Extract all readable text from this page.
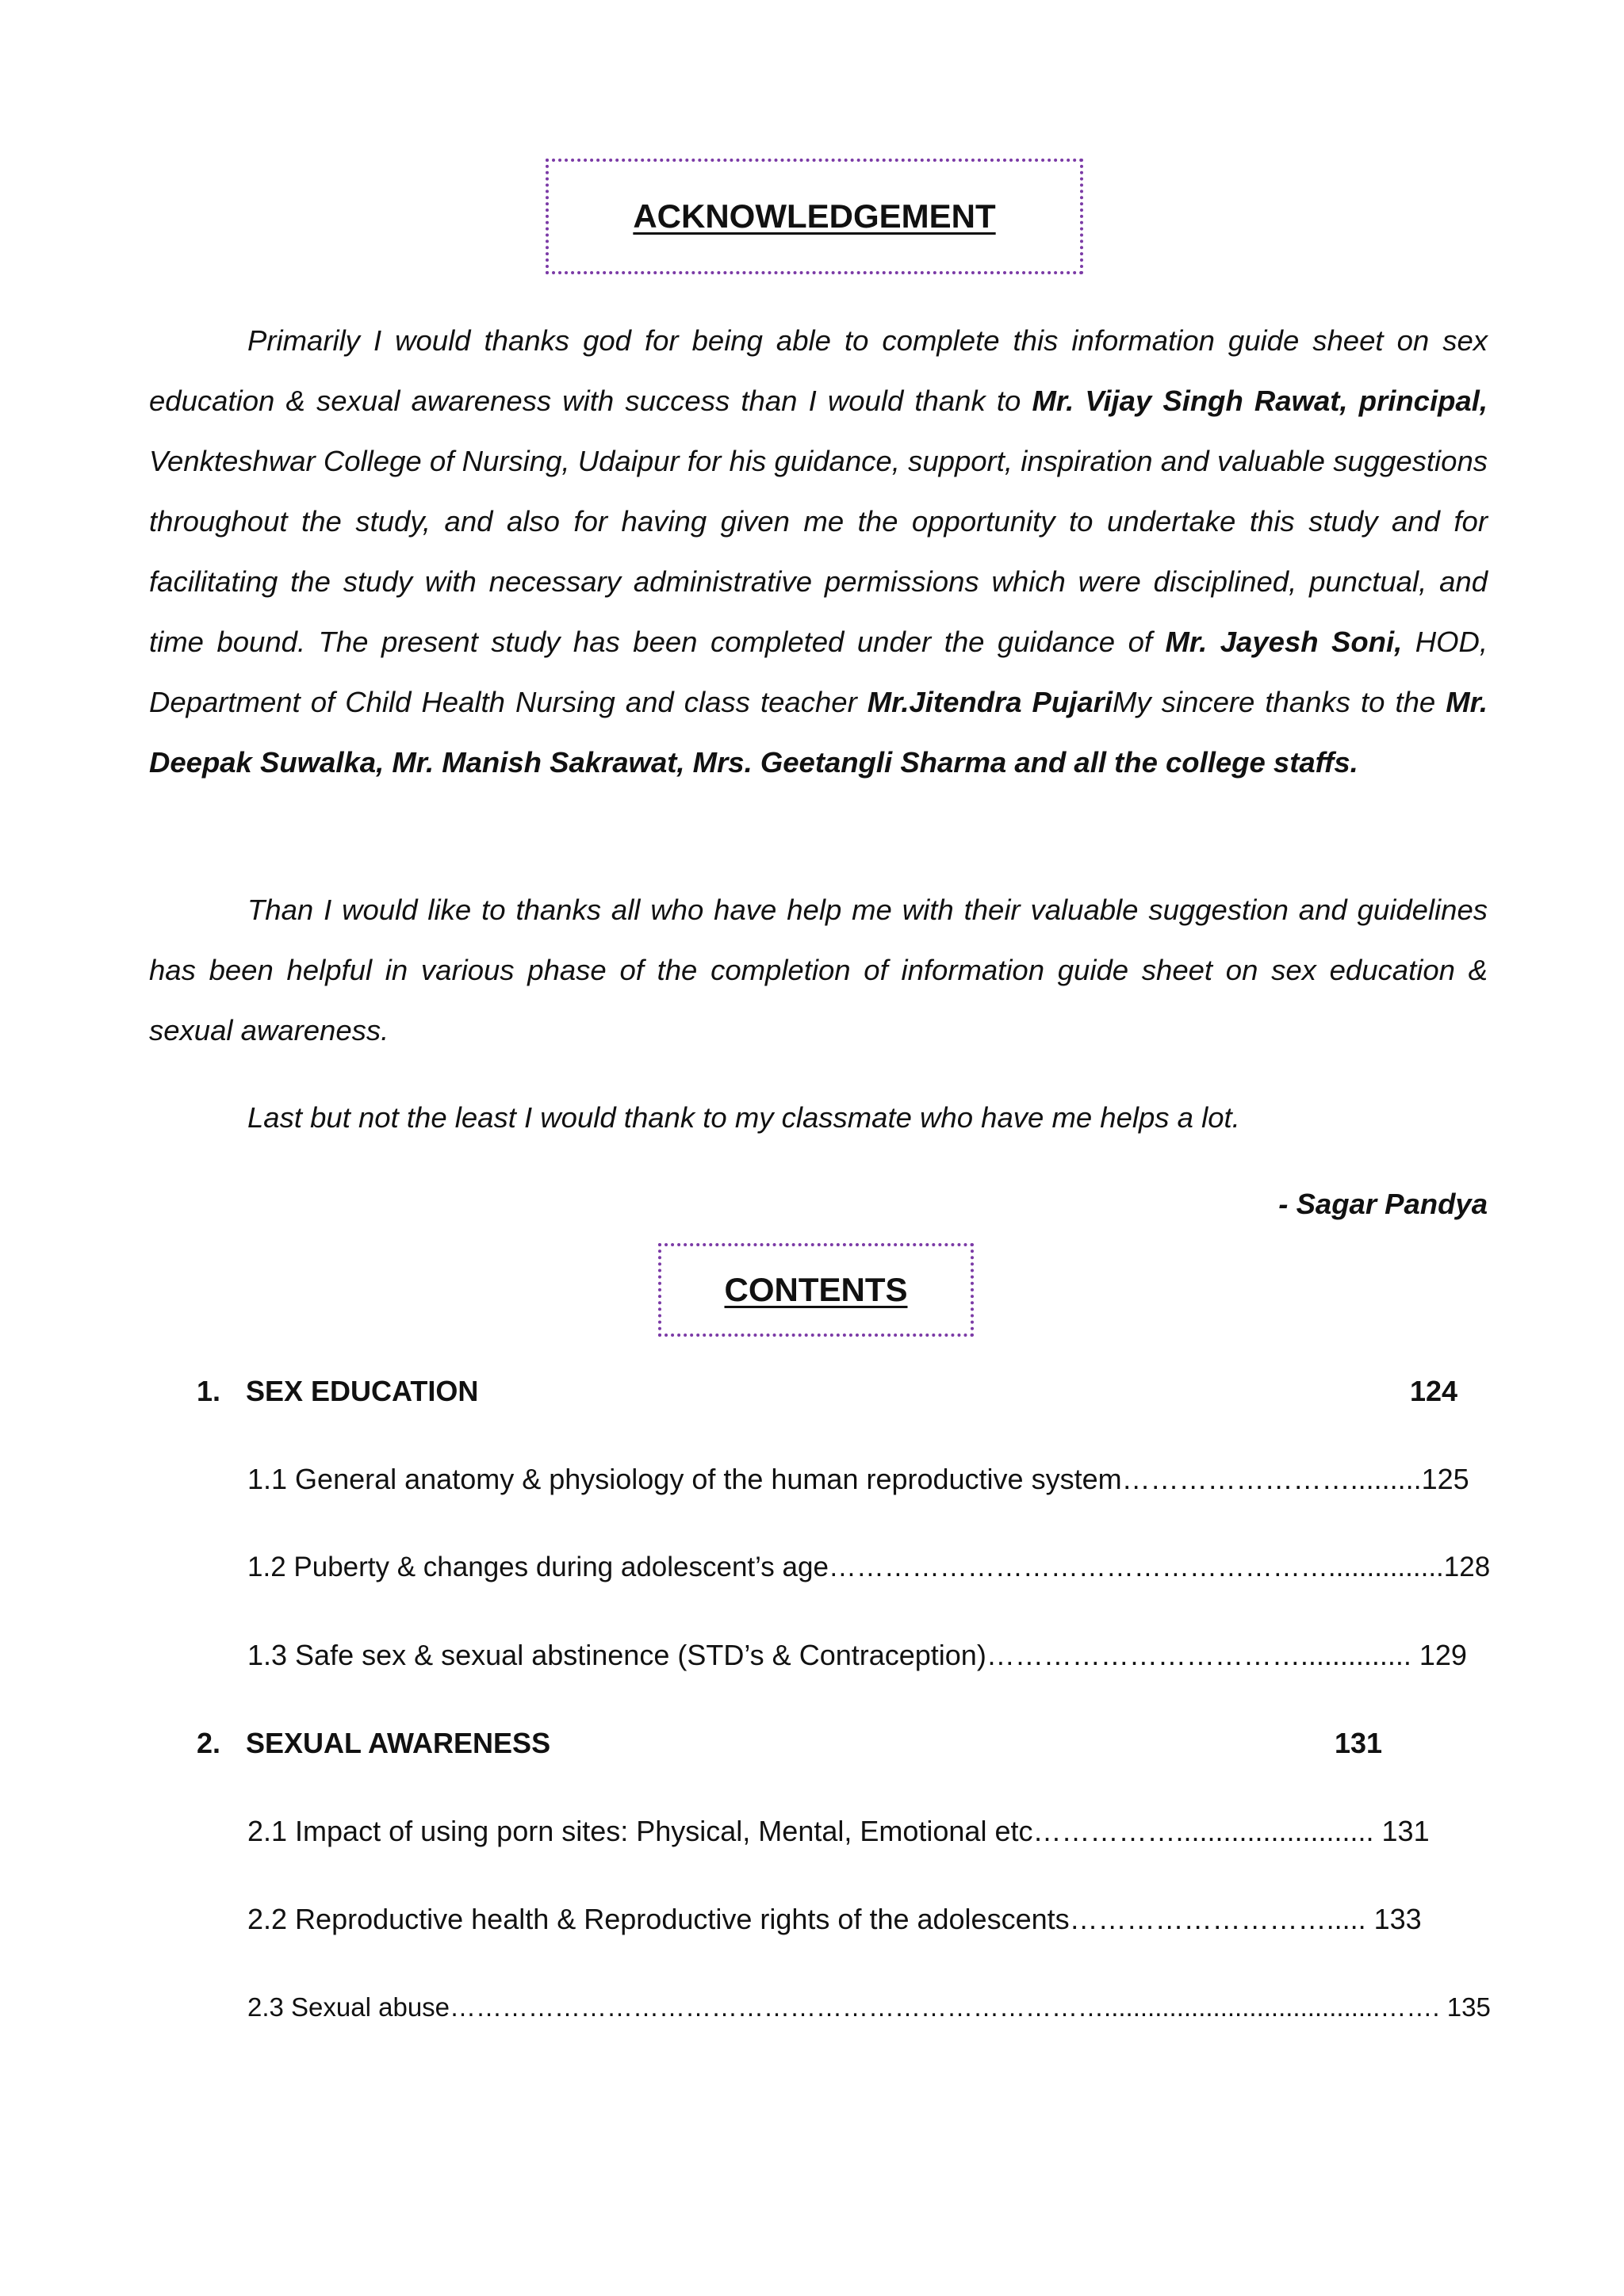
ACKNOWLEDGEMENT
Primarily I would thanks god for being able to complete this information guide sheet on sex education & sexual awareness with success than I would thank to Mr. Vijay Singh Rawat, principal, Venkteshwar College of Nursing, Udaipur for his guidance, support, inspiration and valuable suggestions throughout the study, and also for having given me the opportunity to undertake this study and for facilitating the study with necessary administrative permissions which were disciplined, punctual, and time bound. The present study has been completed under the guidance of Mr. Jayesh Soni, HOD, Department of Child Health Nursing and class teacher Mr.Jitendra PujariMy sincere thanks to the Mr. Deepak Suwalka, Mr. Manish Sakrawat, Mrs. Geetangli Sharma and all the college staffs.
Than I would like to thanks all who have help me with their valuable suggestion and guidelines has been helpful in various phase of the completion of information guide sheet on sex education & sexual awareness.
Last but not the least I would thank to my classmate who have me helps a lot.
- Sagar Pandya
CONTENTS
1. SEX EDUCATION	124
1.1 General anatomy & physiology of the human reproductive system…………………….........125
1.2 Puberty & changes during adolescent’s age………………………………………………...............128
1.3 Safe sex & sexual abstinence (STD’s & Contraception)…………………………….............. 129
2. SEXUAL AWARENESS	131
2.1 Impact of using porn sites: Physical, Mental, Emotional etc……………......................... 131
2.2 Reproductive health & Reproductive rights of the adolescents………………………..... 133
2.3 Sexual abuse…………………………………………………………………......................................……. 135
